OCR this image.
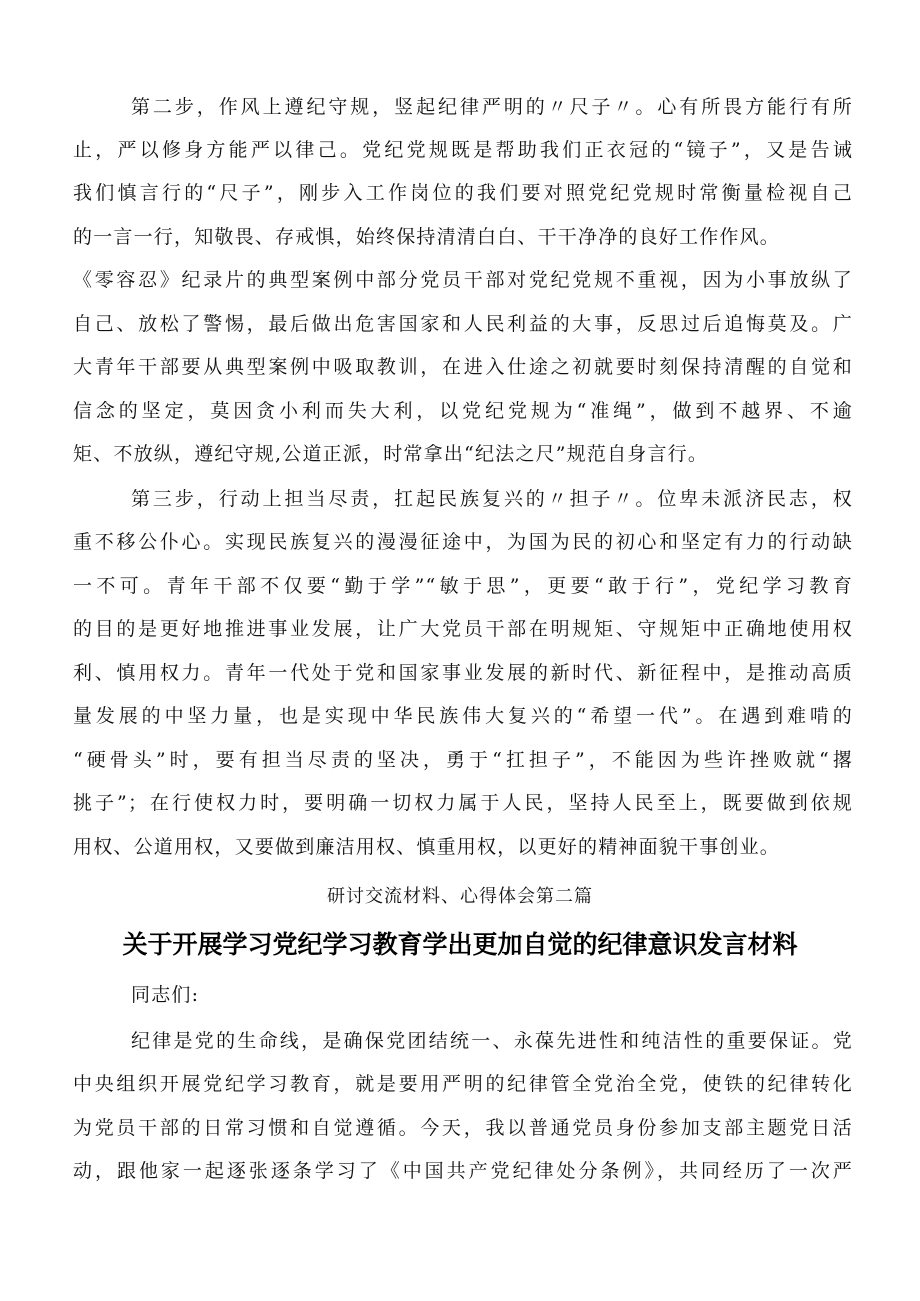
第二步，作风上遵纪守规，竖起纪律严明的〃尺子〃。心有所畏方能行有所
止，严以修身方能严以律己。党纪党规既是帮助我们正衣冠的“镜子”，又是告诫
我们慎言行的“尺子”，刚步入工作岗位的我们要对照党纪党规时常衡量检视自己
的一言一行，知敬畏、存戒惧，始终保持清清白白、干干净净的良好工作作风。
《零容忍》纪录片的典型案例中部分党员干部对党纪党规不重视，因为小事放纵了
自己、放松了警惕，最后做出危害国家和人民利益的大事，反思过后追悔莫及。广
大青年干部要从典型案例中吸取教训，在进入仕途之初就要时刻保持清醒的自觉和
信念的坚定，莫因贪小利而失大利，以党纪党规为“准绳”，做到不越界、不逾
矩、不放纵，遵纪守规,公道正派，时常拿出“纪法之尺”规范自身言行。
第三步，行动上担当尽责，扛起民族复兴的〃担子〃。位卑未派济民志，权
重不移公仆心。实现民族复兴的漫漫征途中，为国为民的初心和坚定有力的行动缺
一不可。青年干部不仅要“勤于学”“敏于思”，更要“敢于行”，党纪学习教育
的目的是更好地推进事业发展，让广大党员干部在明规矩、守规矩中正确地使用权
利、慎用权力。青年一代处于党和国家事业发展的新时代、新征程中，是推动高质
量发展的中坚力量，也是实现中华民族伟大复兴的“希望一代”。在遇到难啃的
“硬骨头”时，要有担当尽责的坚决，勇于“扛担子”，不能因为些许挫败就“撂
挑子”；在行使权力时，要明确一切权力属于人民，坚持人民至上，既要做到依规
用权、公道用权，又要做到廉洁用权、慎重用权，以更好的精神面貌干事创业。
研讨交流材料、心得体会第二篇
关于开展学习党纪学习教育学出更加自觉的纪律意识发言材料
同志们:
纪律是党的生命线，是确保党团结统一、永葆先进性和纯洁性的重要保证。党
中央组织开展党纪学习教育，就是要用严明的纪律管全党治全党，使铁的纪律转化
为党员干部的日常习惯和自觉遵循。今天，我以普通党员身份参加支部主题党日活
动，跟他家一起逐张逐条学习了《中国共产党纪律处分条例》，共同经历了一次严
